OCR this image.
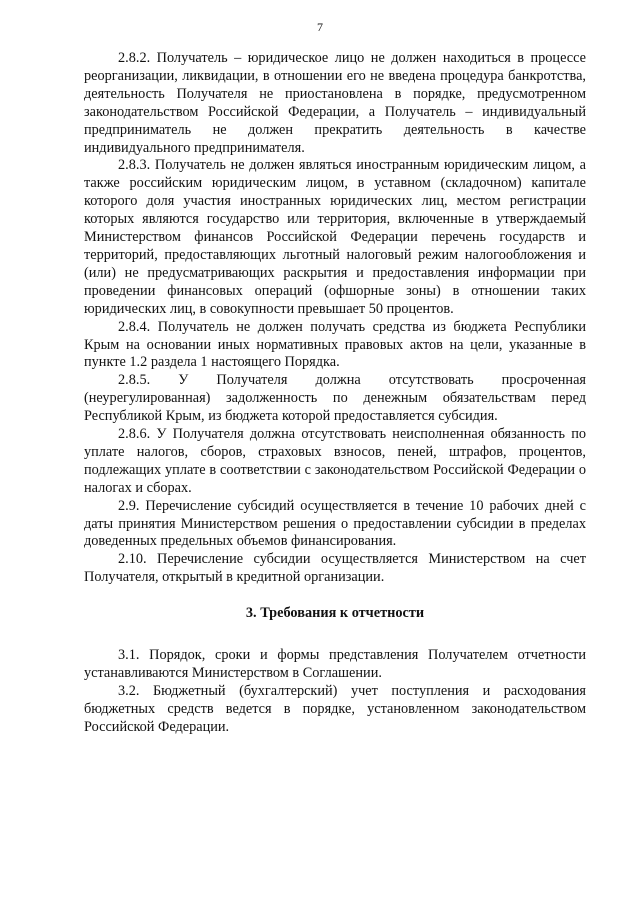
7

2.8.2. Получатель – юридическое лицо не должен находиться в процессе реорганизации, ликвидации, в отношении его не введена процедура банкротства, деятельность Получателя не приостановлена в порядке, предусмотренном законодательством Российской Федерации, а Получатель – индивидуальный предприниматель не должен прекратить деятельность в качестве индивидуального предпринимателя.

2.8.3. Получатель не должен являться иностранным юридическим лицом, а также российским юридическим лицом, в уставном (складочном) капитале которого доля участия иностранных юридических лиц, местом регистрации которых являются государство или территория, включенные в утверждаемый Министерством финансов Российской Федерации перечень государств и территорий, предоставляющих льготный налоговый режим налогообложения и (или) не предусматривающих раскрытия и предоставления информации при проведении финансовых операций (офшорные зоны) в отношении таких юридических лиц, в совокупности превышает 50 процентов.

2.8.4. Получатель не должен получать средства из бюджета Республики Крым на основании иных нормативных правовых актов на цели, указанные в пункте 1.2 раздела 1 настоящего Порядка.

2.8.5. У Получателя должна отсутствовать просроченная (неурегулированная) задолженность по денежным обязательствам перед Республикой Крым, из бюджета которой предоставляется субсидия.

2.8.6. У Получателя должна отсутствовать неисполненная обязанность по уплате налогов, сборов, страховых взносов, пеней, штрафов, процентов, подлежащих уплате в соответствии с законодательством Российской Федерации о налогах и сборах.

2.9. Перечисление субсидий осуществляется в течение 10 рабочих дней с даты принятия Министерством решения о предоставлении субсидии в пределах доведенных предельных объемов финансирования.

2.10. Перечисление субсидии осуществляется Министерством на счет Получателя, открытый в кредитной организации.

3. Требования к отчетности

3.1. Порядок, сроки и формы представления Получателем отчетности устанавливаются Министерством в Соглашении.

3.2. Бюджетный (бухгалтерский) учет поступления и расходования бюджетных средств ведется в порядке, установленном законодательством Российской Федерации.
